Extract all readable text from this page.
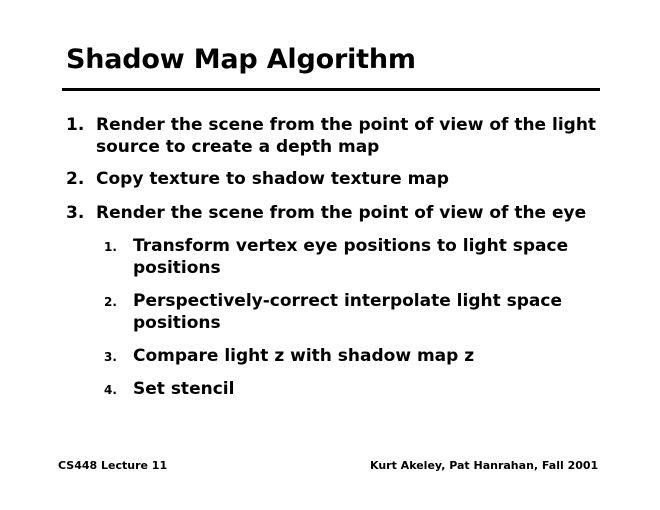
Shadow Map Algorithm
1. Render the scene from the point of view of the light
source to create a depth map
2. Copy texture to shadow texture map
3. Render the scene from the point of view of the eye
1. Transform vertex eye positions to light space
positions
2. Perspectively-correct interpolate light space
positions
3. Compare light z with shadow map z
4. Set stencil
CS448 Lecture 11	Kurt Akeley, Pat Hanrahan, Fall 2001
